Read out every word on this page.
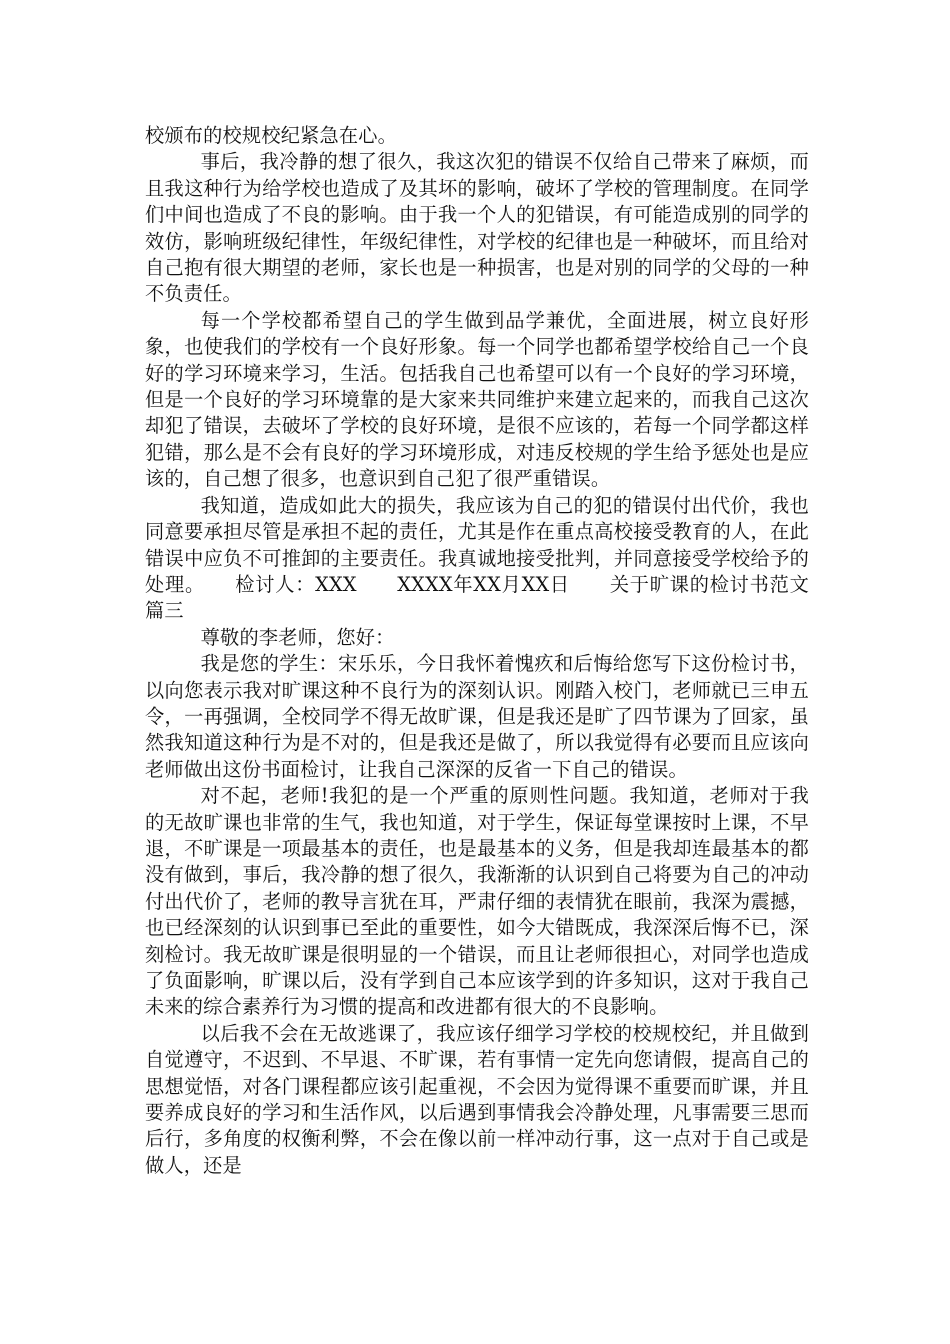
校颁布的校规校纪紧急在心。

事后，我冷静的想了很久，我这次犯的错误不仅给自己带来了麻烦，而且我这种行为给学校也造成了及其坏的影响，破坏了学校的管理制度。在同学们中间也造成了不良的影响。由于我一个人的犯错误，有可能造成别的同学的效仿，影响班级纪律性，年级纪律性，对学校的纪律也是一种破坏，而且给对自己抱有很大期望的老师，家长也是一种损害，也是对别的同学的父母的一种不负责任。

每一个学校都希望自己的学生做到品学兼优，全面进展，树立良好形象，也使我们的学校有一个良好形象。每一个同学也都希望学校给自己一个良好的学习环境来学习，生活。包括我自己也希望可以有一个良好的学习环境，但是一个良好的学习环境靠的是大家来共同维护来建立起来的，而我自己这次却犯了错误，去破坏了学校的良好环境，是很不应该的，若每一个同学都这样犯错，那么是不会有良好的学习环境形成，对违反校规的学生给予惩处也是应该的，自己想了很多，也意识到自己犯了很严重错误。

我知道，造成如此大的损失，我应该为自己的犯的错误付出代价，我也同意要承担尽管是承担不起的责任，尤其是作在重点高校接受教育的人，在此错误中应负不可推卸的主要责任。我真诚地接受批判，并同意接受学校给予的处理。　　检讨人：XXX　　XXXX年XX月XX日　　关于旷课的检讨书范文篇三

尊敬的李老师，您好：

我是您的学生：宋乐乐，今日我怀着愧疚和后悔给您写下这份检讨书，以向您表示我对旷课这种不良行为的深刻认识。刚踏入校门，老师就已三申五令，一再强调，全校同学不得无故旷课，但是我还是旷了四节课为了回家，虽然我知道这种行为是不对的，但是我还是做了，所以我觉得有必要而且应该向老师做出这份书面检讨，让我自己深深的反省一下自己的错误。

对不起，老师!我犯的是一个严重的原则性问题。我知道，老师对于我的无故旷课也非常的生气，我也知道，对于学生，保证每堂课按时上课，不早退，不旷课是一项最基本的责任，也是最基本的义务，但是我却连最基本的都没有做到，事后，我冷静的想了很久，我渐渐的认识到自己将要为自己的冲动付出代价了，老师的教导言犹在耳，严肃仔细的表情犹在眼前，我深为震撼，也已经深刻的认识到事已至此的重要性，如今大错既成，我深深后悔不已，深刻检讨。我无故旷课是很明显的一个错误，而且让老师很担心，对同学也造成了负面影响，旷课以后，没有学到自己本应该学到的许多知识，这对于我自己未来的综合素养行为习惯的提高和改进都有很大的不良影响。

以后我不会在无故逃课了，我应该仔细学习学校的校规校纪，并且做到自觉遵守，不迟到、不早退、不旷课，若有事情一定先向您请假，提高自己的思想觉悟，对各门课程都应该引起重视，不会因为觉得课不重要而旷课，并且要养成良好的学习和生活作风，以后遇到事情我会冷静处理，凡事需要三思而后行，多角度的权衡利弊，不会在像以前一样冲动行事，这一点对于自己或是做人，还是
